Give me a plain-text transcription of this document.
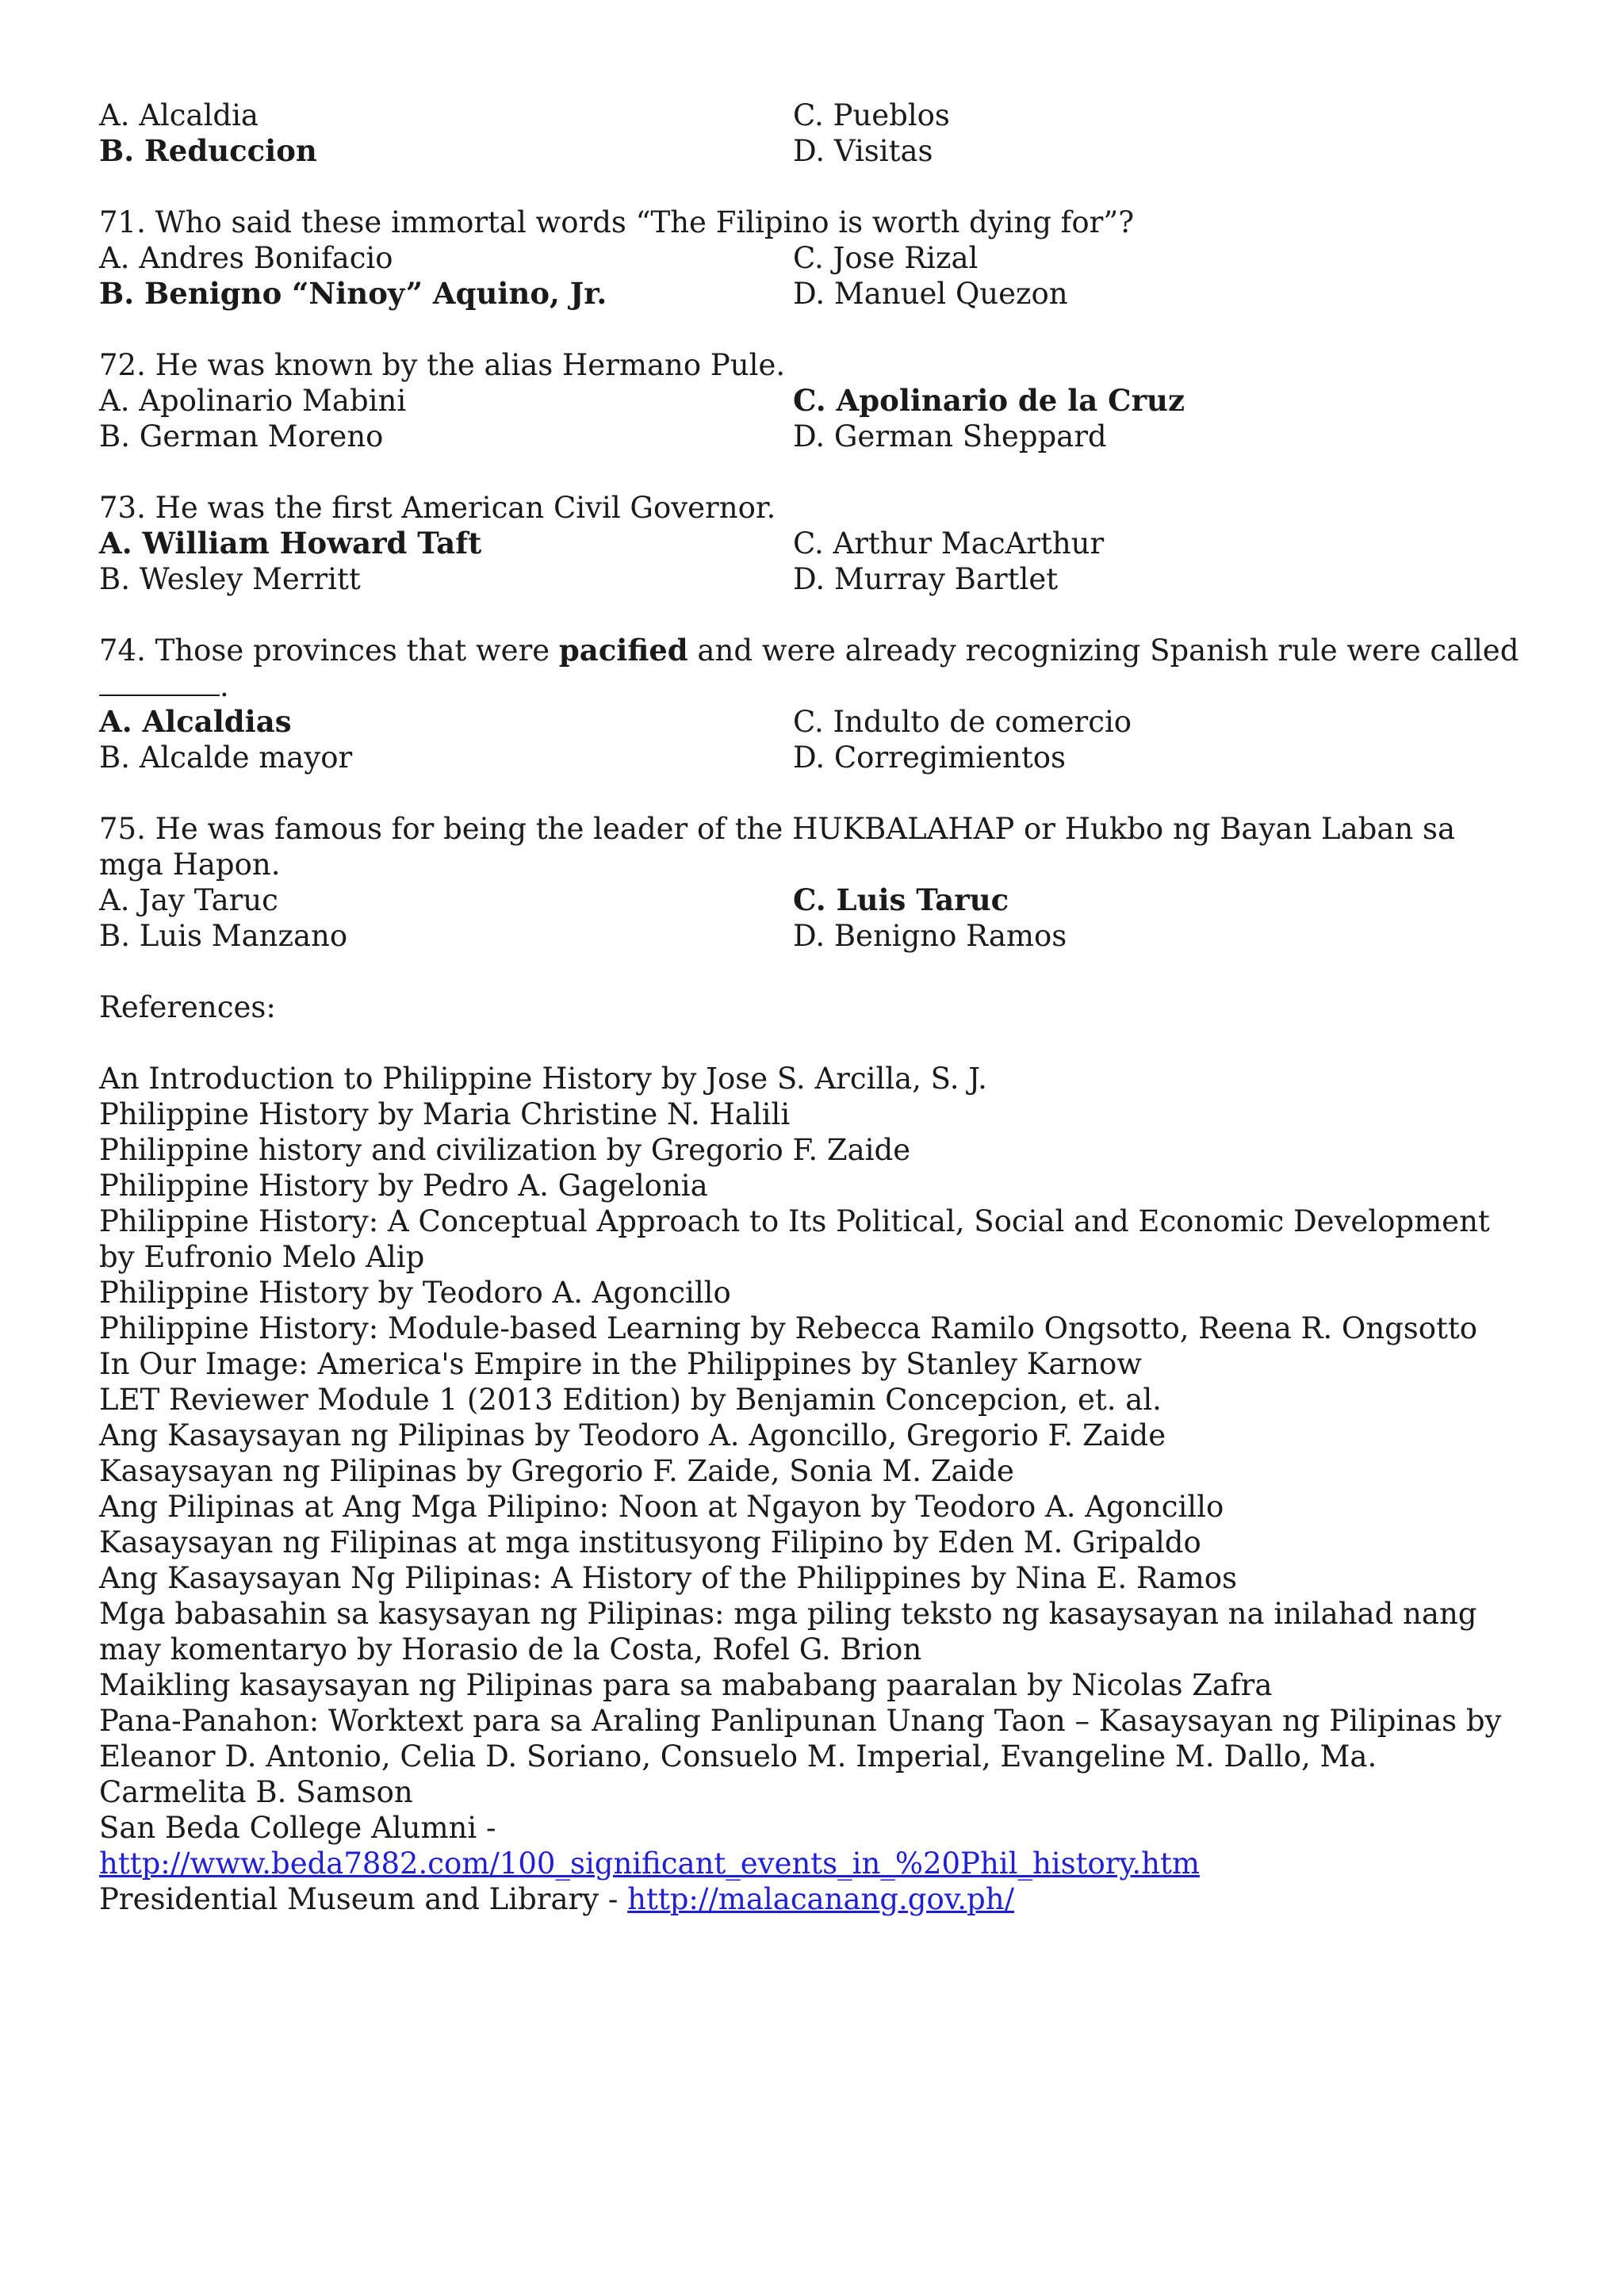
A. Alcaldia	C. Pueblos
B. Reduccion	D. Visitas
71. Who said these immortal words “The Filipino is worth dying for”?
A. Andres Bonifacio	C. Jose Rizal
B. Benigno “Ninoy” Aquino, Jr.	D. Manuel Quezon
72. He was known by the alias Hermano Pule.
A. Apolinario Mabini	C. Apolinario de la Cruz
B. German Moreno	D. German Sheppard
73. He was the first American Civil Governor.
A. William Howard Taft	C. Arthur MacArthur
B. Wesley Merritt	D. Murray Bartlet
74. Those provinces that were pacified and were already recognizing Spanish rule were called
.
A. Alcaldias	C. Indulto de comercio
B. Alcalde mayor	D. Corregimientos
75. He was famous for being the leader of the HUKBALAHAP or Hukbo ng Bayan Laban sa mga Hapon.
A. Jay Taruc	C. Luis Taruc
B. Luis Manzano	D. Benigno Ramos
References:
An Introduction to Philippine History by Jose S. Arcilla, S. J.
Philippine History by Maria Christine N. Halili
Philippine history and civilization by Gregorio F. Zaide
Philippine History by Pedro A. Gagelonia
Philippine History: A Conceptual Approach to Its Political, Social and Economic Development by Eufronio Melo Alip
Philippine History by Teodoro A. Agoncillo
Philippine History: Module-based Learning by Rebecca Ramilo Ongsotto, Reena R. Ongsotto
In Our Image: America's Empire in the Philippines by Stanley Karnow
LET Reviewer Module 1 (2013 Edition) by Benjamin Concepcion, et. al.
Ang Kasaysayan ng Pilipinas by Teodoro A. Agoncillo, Gregorio F. Zaide
Kasaysayan ng Pilipinas by Gregorio F. Zaide, Sonia M. Zaide
Ang Pilipinas at Ang Mga Pilipino: Noon at Ngayon by Teodoro A. Agoncillo
Kasaysayan ng Filipinas at mga institusyong Filipino by Eden M. Gripaldo
Ang Kasaysayan Ng Pilipinas: A History of the Philippines by Nina E. Ramos
Mga babasahin sa kasysayan ng Pilipinas: mga piling teksto ng kasaysayan na inilahad nang may komentaryo by Horasio de la Costa, Rofel G. Brion
Maikling kasaysayan ng Pilipinas para sa mababang paaralan by Nicolas Zafra
Pana-Panahon: Worktext para sa Araling Panlipunan Unang Taon – Kasaysayan ng Pilipinas by Eleanor D. Antonio, Celia D. Soriano, Consuelo M. Imperial, Evangeline M. Dallo, Ma. Carmelita B. Samson
San Beda College Alumni -
http://www.beda7882.com/100_significant_events_in_%20Phil_history.htm
Presidential Museum and Library - http://malacanang.gov.ph/
